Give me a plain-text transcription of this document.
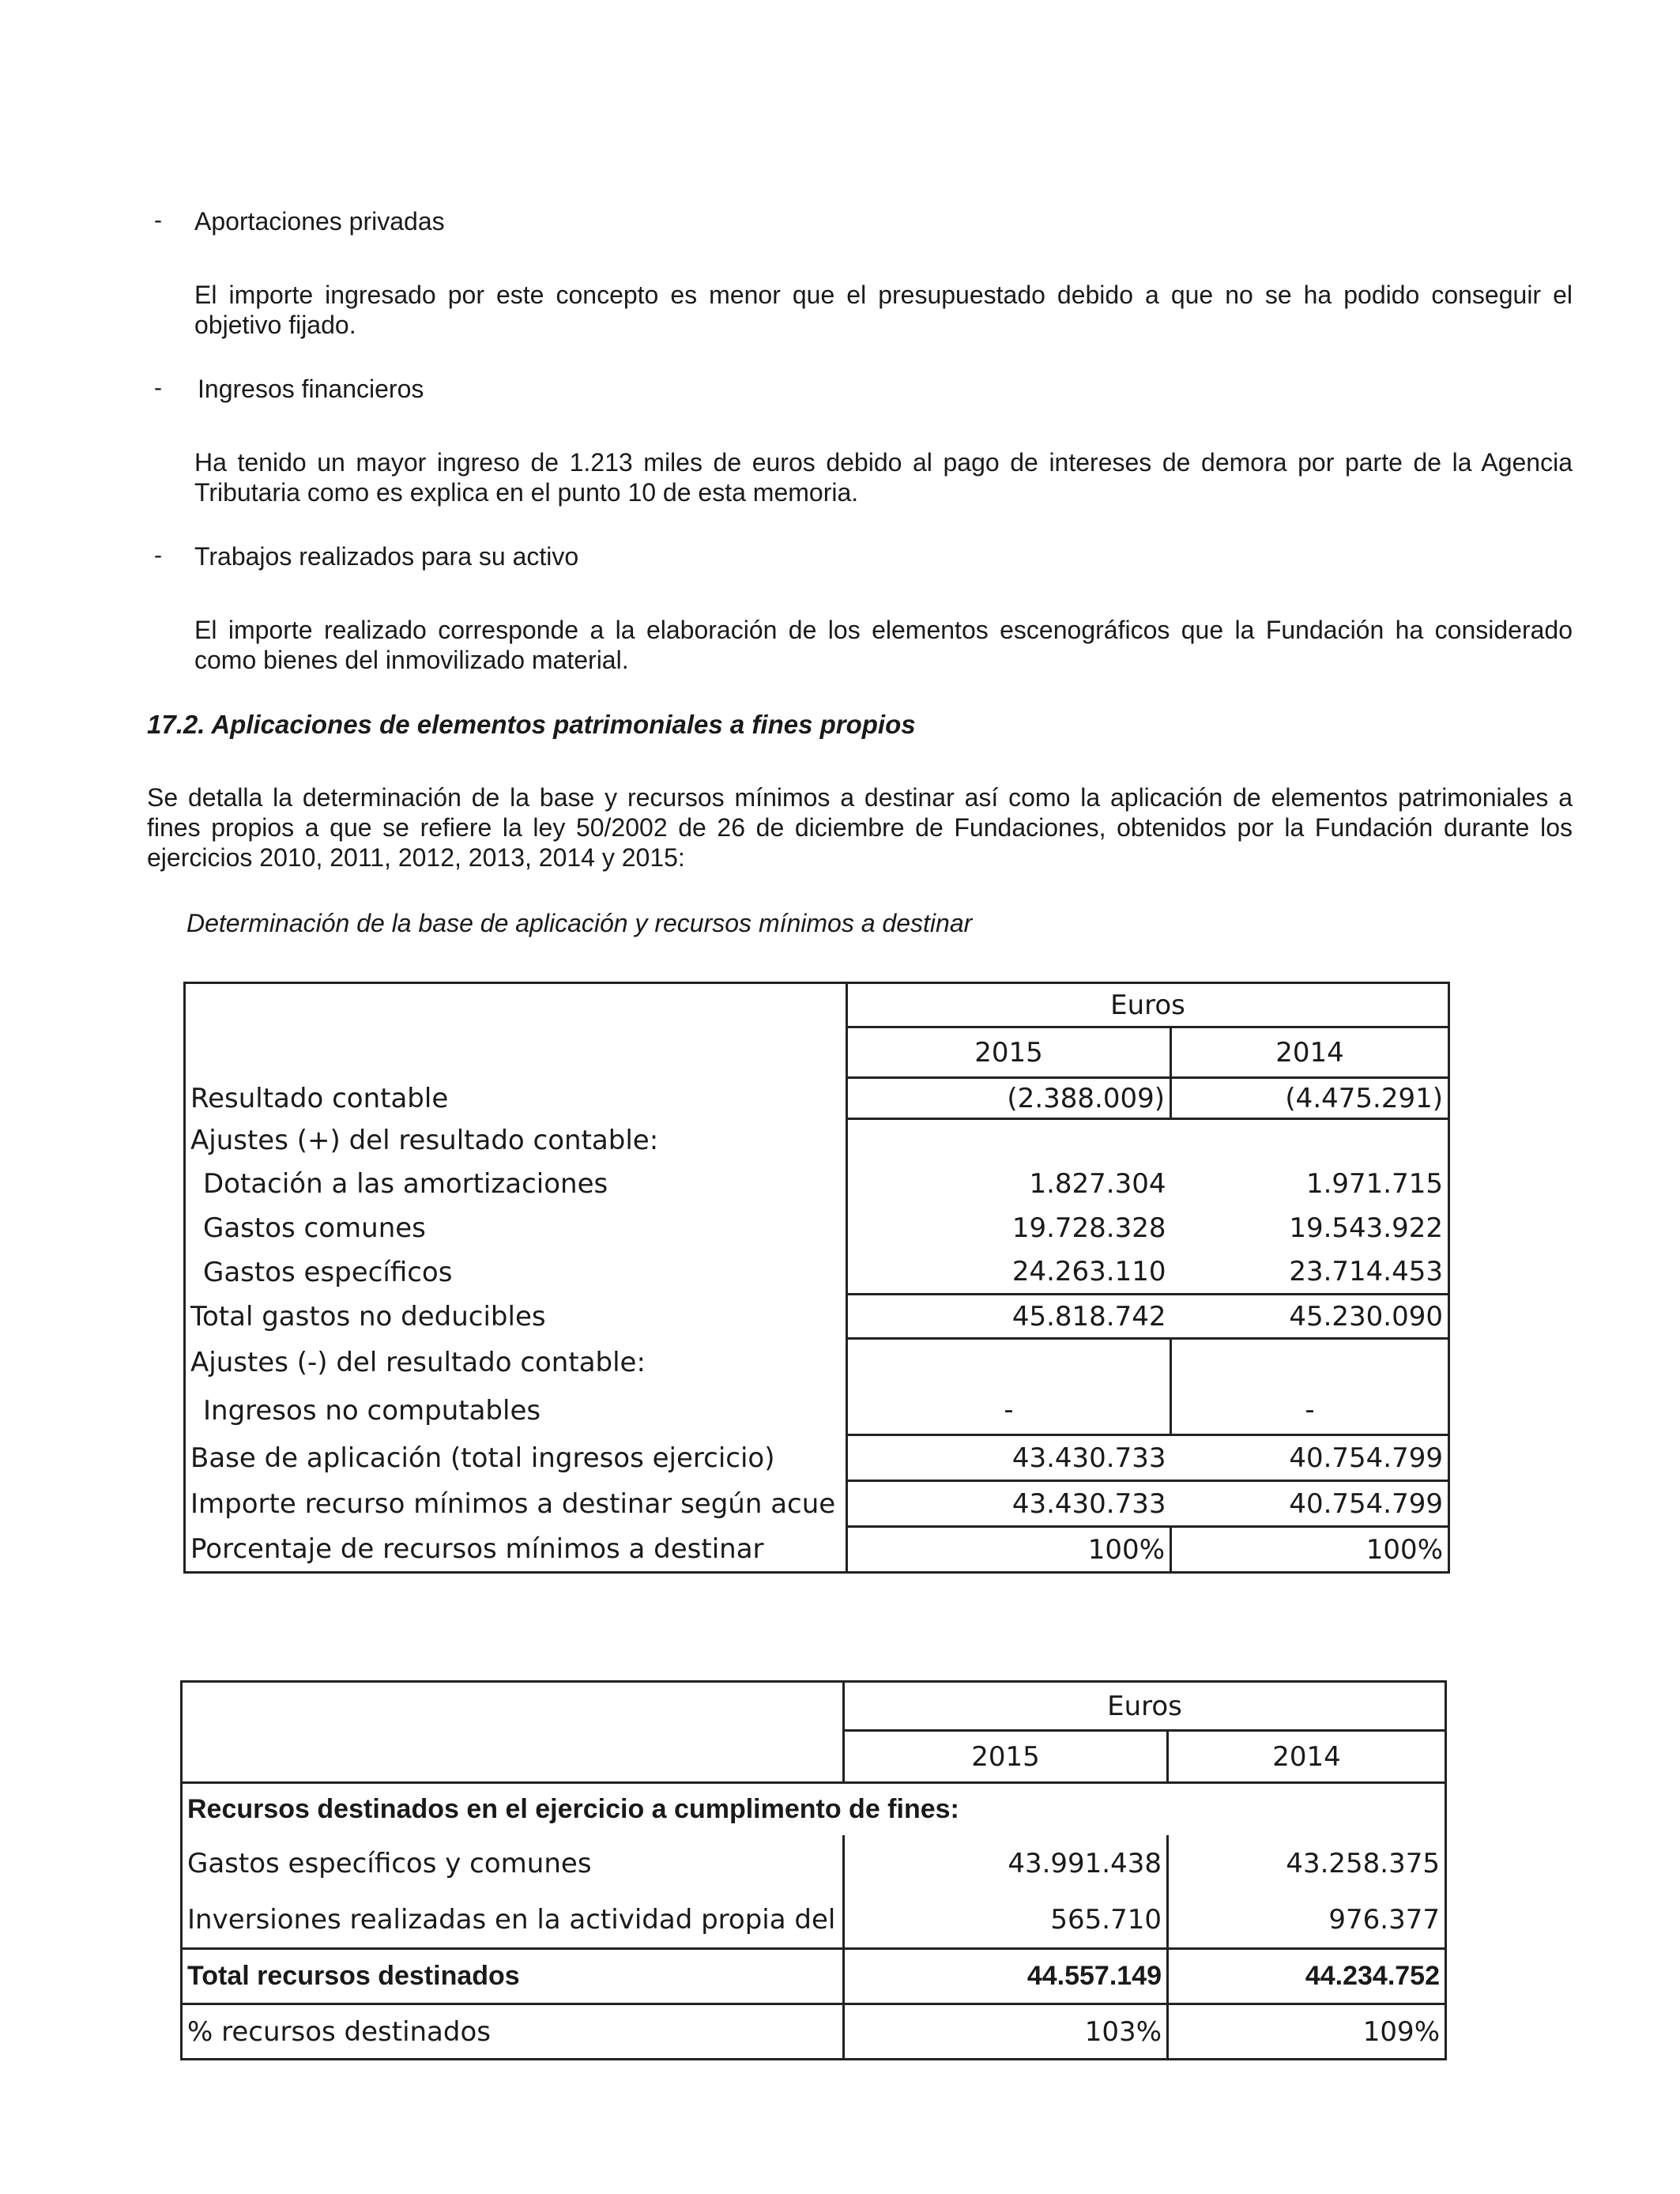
- Aportaciones privadas
El importe ingresado por este concepto es menor que el presupuestado debido a que no se ha podido conseguir el objetivo fijado.
- Ingresos financieros
Ha tenido un mayor ingreso de 1.213 miles de euros debido al pago de intereses de demora por parte de la Agencia Tributaria como es explica en el punto 10 de esta memoria.
- Trabajos realizados para su activo
El importe realizado corresponde a la elaboración de los elementos escenográficos que la Fundación ha considerado como bienes del inmovilizado material.
17.2. Aplicaciones de elementos patrimoniales a fines propios
Se detalla la determinación de la base y recursos mínimos a destinar así como la aplicación de elementos patrimoniales a fines propios a que se refiere la ley 50/2002 de 26 de diciembre de Fundaciones, obtenidos por la Fundación durante los ejercicios 2010, 2011, 2012, 2013, 2014 y 2015:
Determinación de la base de aplicación y recursos mínimos a destinar
	Euros	
	2015	2014
Resultado contable	(2.388.009)	(4.475.291)
Ajustes (+) del resultado contable:		
Dotación a las amortizaciones	1.827.304	1.971.715
Gastos comunes	19.728.328	19.543.922
Gastos específicos	24.263.110	23.714.453
Total gastos no deducibles	45.818.742	45.230.090
Ajustes (-) del resultado contable:		
Ingresos no computables	-	-
Base de aplicación (total ingresos ejercicio)	43.430.733	40.754.799
Importe recurso mínimos a destinar según acue	43.430.733	40.754.799
Porcentaje de recursos mínimos a destinar	100%	100%
	Euros	
	2015	2014
Recursos destinados en el ejercicio a cumplimento de fines:		
Gastos específicos y comunes	43.991.438	43.258.375
Inversiones realizadas en la actividad propia del	565.710	976.377
Total recursos destinados	44.557.149	44.234.752
% recursos destinados	103%	109%
